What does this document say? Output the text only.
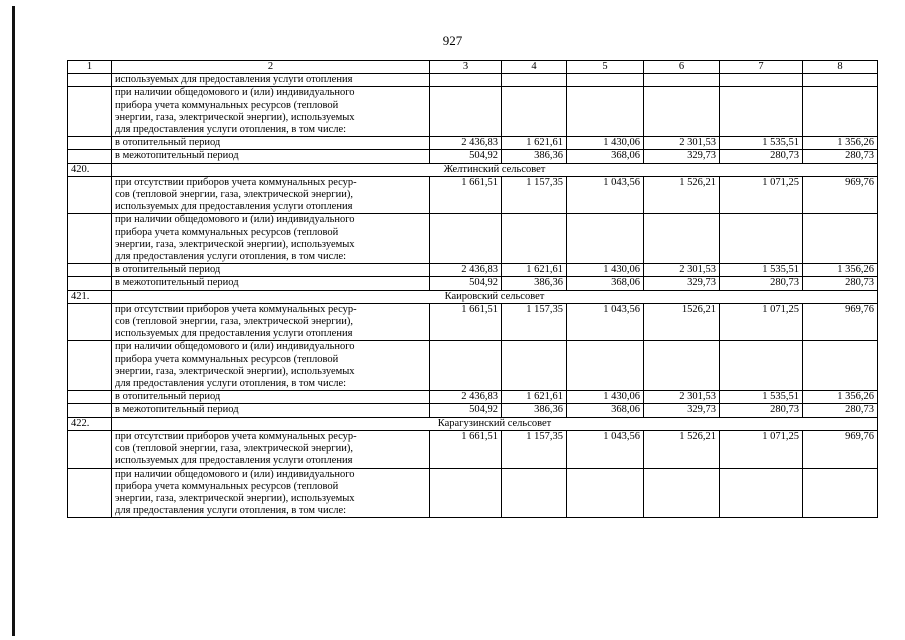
927
1	2	3	4	5	6	7	8
	используемых для предоставления услуги отопления						

	при наличии общедомового и (или) индивидуального
прибора учета коммунальных ресурсов (тепловой
энергии, газа, электрической энергии), используемых
для предоставления услуги отопления, в том числе:						

	в отопительный период	2 436,83	1 621,61	1 430,06	2 301,53	1 535,51	1 356,26
	в межотопительный период	504,92	386,36	368,06	329,73	280,73	280,73
420.	Желтинский сельсовет						

	при отсутствии приборов учета коммунальных ресур-
сов (тепловой энергии, газа, электрической энергии),
используемых для предоставления услуги отопления	1 661,51	1 157,35	1 043,56	1 526,21	1 071,25	969,76

	при наличии общедомового и (или) индивидуального
прибора учета коммунальных ресурсов (тепловой
энергии, газа, электрической энергии), используемых
для предоставления услуги отопления, в том числе:						

	в отопительный период	2 436,83	1 621,61	1 430,06	2 301,53	1 535,51	1 356,26
	в межотопительный период	504,92	386,36	368,06	329,73	280,73	280,73
421.	Каировский сельсовет						

	при отсутствии приборов учета коммунальных ресур-
сов (тепловой энергии, газа, электрической энергии),
используемых для предоставления услуги отопления	1 661,51	1 157,35	1 043,56	1526,21	1 071,25	969,76

	при наличии общедомового и (или) индивидуального
прибора учета коммунальных ресурсов (тепловой
энергии, газа, электрической энергии), используемых
для предоставления услуги отопления, в том числе:						

	в отопительный период	2 436,83	1 621,61	1 430,06	2 301,53	1 535,51	1 356,26
	в межотопительный период	504,92	386,36	368,06	329,73	280,73	280,73
422.	Карагузинский сельсовет						

	при отсутствии приборов учета коммунальных ресур-
сов (тепловой энергии, газа, электрической энергии),
используемых для предоставления услуги отопления	1 661,51	1 157,35	1 043,56	1 526,21	1 071,25	969,76

	при наличии общедомового и (или) индивидуального
прибора учета коммунальных ресурсов (тепловой
энергии, газа, электрической энергии), используемых
для предоставления услуги отопления, в том числе:						
